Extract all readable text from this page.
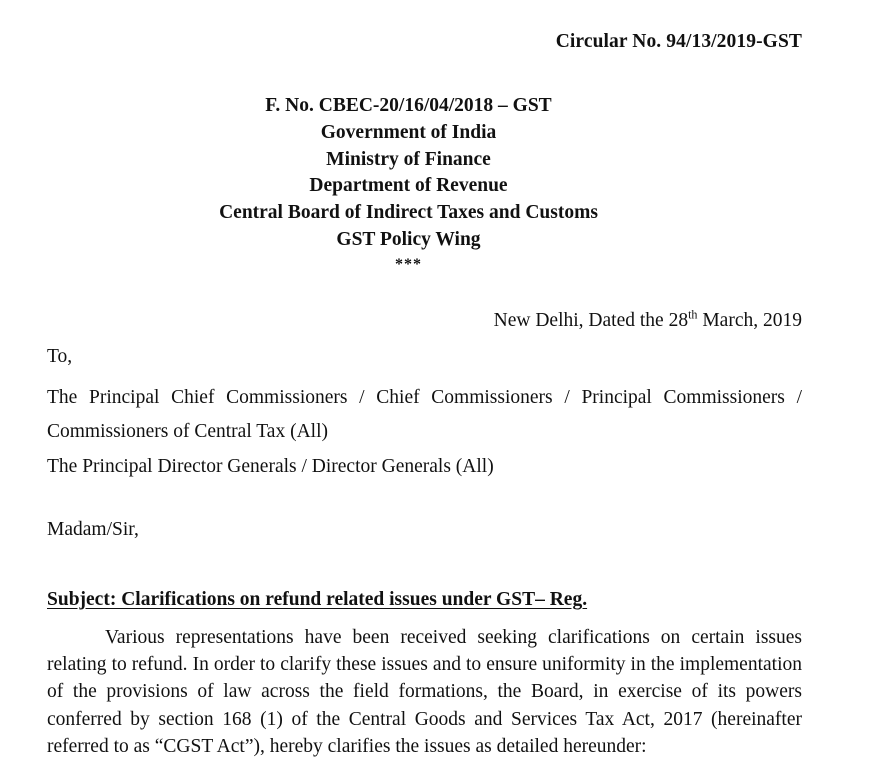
Circular No. 94/13/2019-GST
F. No. CBEC-20/16/04/2018 – GST
Government of India
Ministry of Finance
Department of Revenue
Central Board of Indirect Taxes and Customs
GST Policy Wing
***
New Delhi, Dated the 28th March, 2019
To,
The Principal Chief Commissioners / Chief Commissioners / Principal Commissioners /
Commissioners of Central Tax (All)
The Principal Director Generals / Director Generals (All)
Madam/Sir,
Subject: Clarifications on refund related issues under GST– Reg.
Various representations have been received seeking clarifications on certain issues relating to refund. In order to clarify these issues and to ensure uniformity in the implementation of the provisions of law across the field formations, the Board, in exercise of its powers conferred by section 168 (1) of the Central Goods and Services Tax Act, 2017 (hereinafter referred to as “CGST Act”), hereby clarifies the issues as detailed hereunder:
